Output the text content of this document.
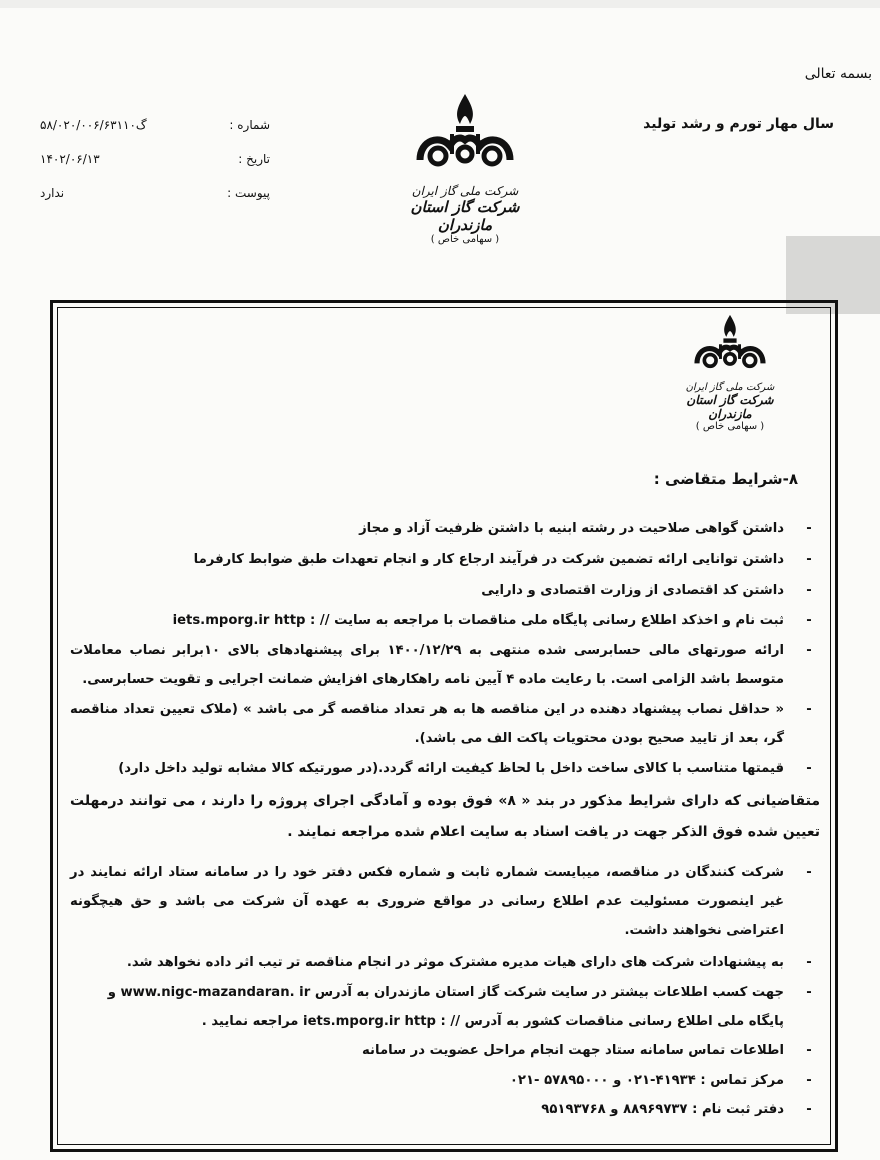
بسمه تعالی
سال مهار تورم و رشد تولید
شماره :
گ۵۸/۰۲۰/۰۰۶/۶۳۱۱۰
تاریخ :
۱۴۰۲/۰۶/۱۳
پیوست :
ندارد	شرکت ملی گاز ایران
شرکت گاز استان مازندران
( سهامی خاص )
شرکت ملی گاز ایران
شرکت گاز استان مازندران
( سهامی خاص )
۸-شرایط متقاضی :
-
داشتن گواهی صلاحیت در رشته ابنیه با داشتن ظرفیت آزاد و مجاز
-
داشتن توانایی ارائه تضمین شرکت در فرآیند ارجاع کار و انجام تعهدات طبق ضوابط کارفرما
-
داشتن کد اقتصادی از وزارت اقتصادی و دارایی
-
ثبت نام و اخذکد اطلاع رسانی پایگاه ملی مناقصات با مراجعه به سایت iets.mporg.ir http : //
-
ارائه صورتهای مالی حسابرسی شده منتهی به ۱۴۰۰/۱۲/۲۹ برای پیشنهادهای بالای ۱۰برابر نصاب معاملات متوسط باشد الزامی است. با رعایت ماده ۴ آیین نامه راهکارهای افزایش ضمانت اجرایی و تقویت حسابرسی.
-
« حداقل نصاب پیشنهاد دهنده در این مناقصه ها به هر تعداد مناقصه گر می باشد » (ملاک تعیین تعداد مناقصه گر، بعد از تایید صحیح بودن محتویات پاکت الف می باشد).
-
قیمتها متناسب با کالای ساخت داخل با لحاظ کیفیت ارائه گردد.(در صورتیکه کالا مشابه تولید داخل دارد)
متقاضیانی که دارای شرایط مذکور در بند « ۸» فوق بوده و آمادگی اجرای پروژه را دارند ، می توانند درمهلت تعیین شده فوق الذکر جهت در یافت اسناد به سایت اعلام شده مراجعه نمایند .
-
شرکت کنندگان در مناقصه، میبایست شماره ثابت و شماره فکس دفتر خود را در سامانه ستاد ارائه نمایند در غیر اینصورت مسئولیت عدم اطلاع رسانی در مواقع ضروری به عهده آن شرکت می باشد و حق هیچگونه اعتراضی نخواهند داشت.
-
به پیشنهادات شرکت های دارای هیات مدیره مشترک موثر در انجام مناقصه تر تیب اثر داده نخواهد شد.
-
جهت کسب اطلاعات بیشتر در سایت شرکت گاز استان مازندران به آدرس www.nigc-mazandaran. ir و پایگاه ملی اطلاع رسانی مناقصات کشور به آدرس iets.mporg.ir http : // مراجعه نمایید .
-
اطلاعات تماس سامانه ستاد جهت انجام مراحل عضویت در سامانه
-
مرکز تماس : ۴۱۹۳۴-۰۲۱ و ۵۷۸۹۵۰۰۰ -۰۲۱
-
دفتر ثبت نام : ۸۸۹۶۹۷۳۷ و ۹۵۱۹۳۷۶۸
